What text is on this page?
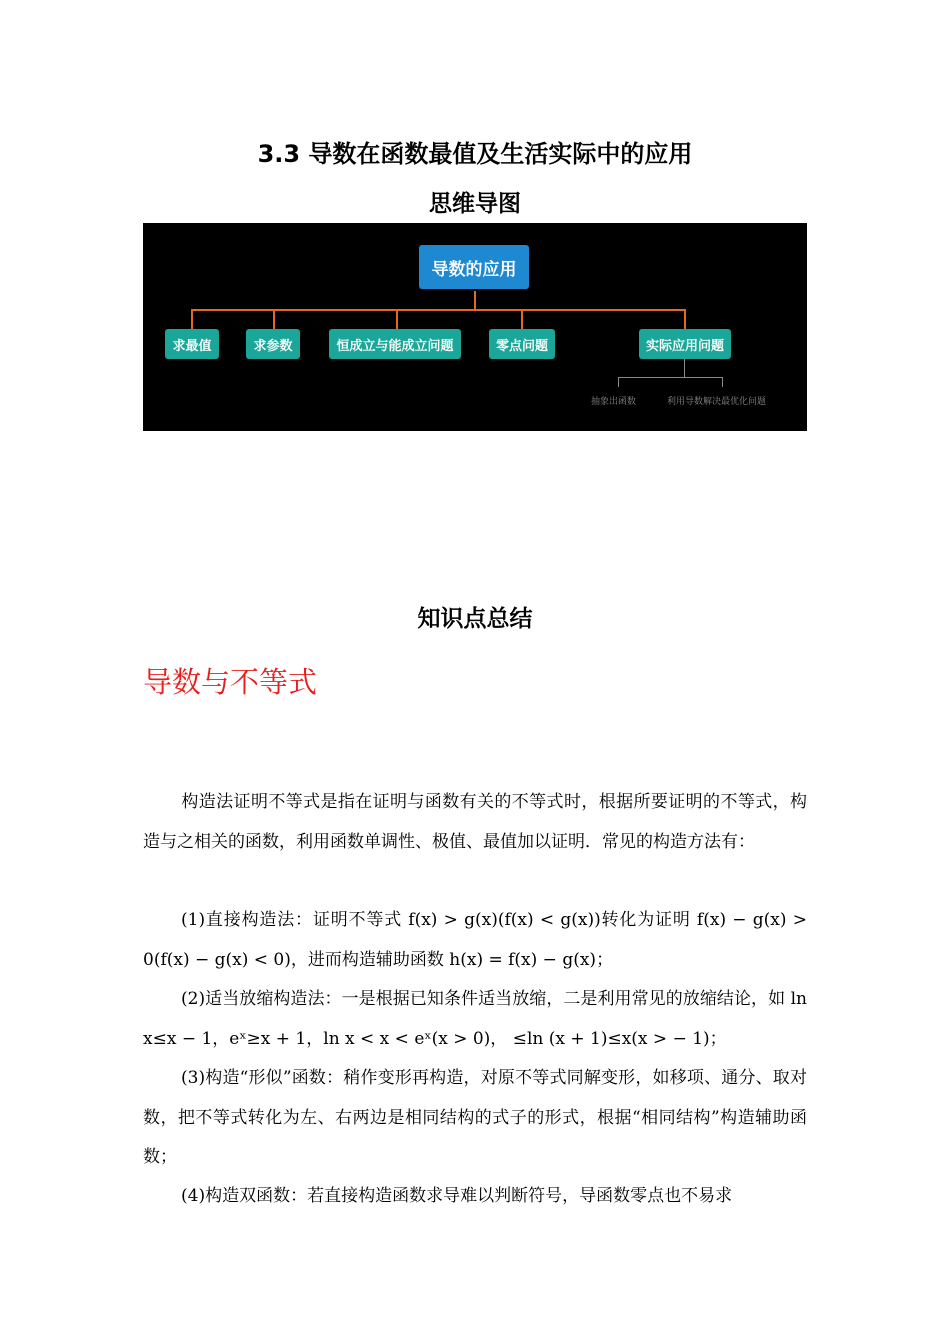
3.3 导数在函数最值及生活实际中的应用
思维导图
导数的应用
求最值	求参数	恒成立与能成立问题	零点问题	实际应用问题
抽象出函数	利用导数解决最优化问题
知识点总结
导数与不等式
构造法证明不等式是指在证明与函数有关的不等式时，根据所要证明的不等式，构造与之相关的函数，利用函数单调性、极值、最值加以证明．常见的构造方法有：
(1)直接构造法：证明不等式 f(x) > g(x)(f(x) < g(x))转化为证明 f(x) − g(x) > 0(f(x) − g(x) < 0)，进而构造辅助函数 h(x) = f(x) − g(x)；
(2)适当放缩构造法：一是根据已知条件适当放缩，二是利用常见的放缩结论，如 ln x≤x − 1，eˣ≥x + 1，ln x < x < eˣ(x > 0)， ≤ln (x + 1)≤x(x > − 1)；
(3)构造“形似”函数：稍作变形再构造，对原不等式同解变形，如移项、通分、取对数，把不等式转化为左、右两边是相同结构的式子的形式，根据“相同结构”构造辅助函数；
(4)构造双函数：若直接构造函数求导难以判断符号，导函数零点也不易求
